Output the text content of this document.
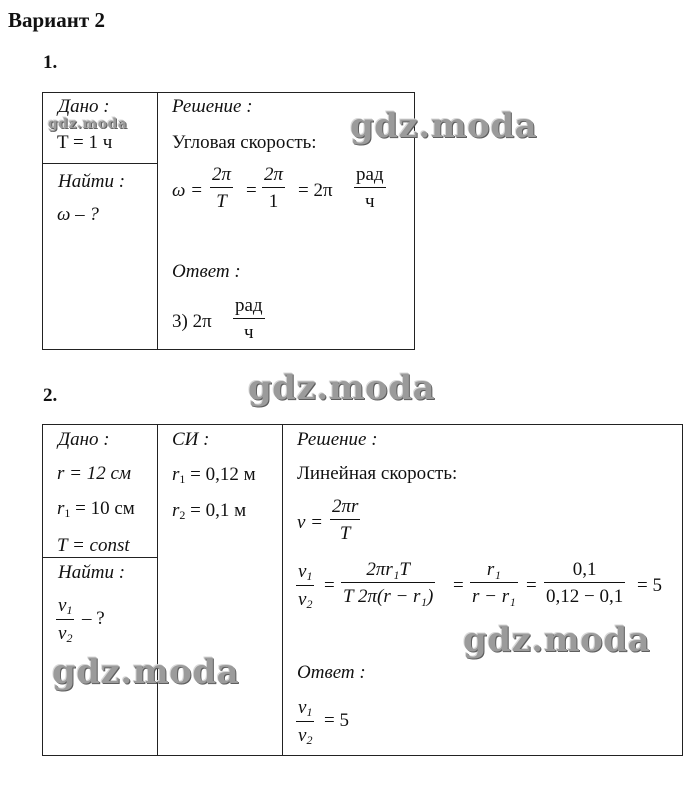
Вариант 2
1.
Дано :
gdz.moda
T = 1 ч
Найти :
ω – ?
Решение :
Угловая скорость:
ω =
2π
T
=
2π
1
= 2π
рад
ч
Ответ :
3) 2π
рад
ч
gdz.moda
gdz.moda
2.
Дано :
r = 12 см
$r_1 = 10$ см
T = const
Найти :
$v_1$
$v_2$
– ?
gdz.moda
СИ :
$r_1 = 0,12$ м
$r_2 = 0,1$ м
Решение :
Линейная скорость:
v =
2πr
T
$v_1$
$v_2$
=
2πr₁T
T 2π(r − r₁)
=
r₁
r − r₁
=
0,1
0,12 − 0,1
= 5
gdz.moda
Ответ :
$v_1$
$v_2$
= 5
